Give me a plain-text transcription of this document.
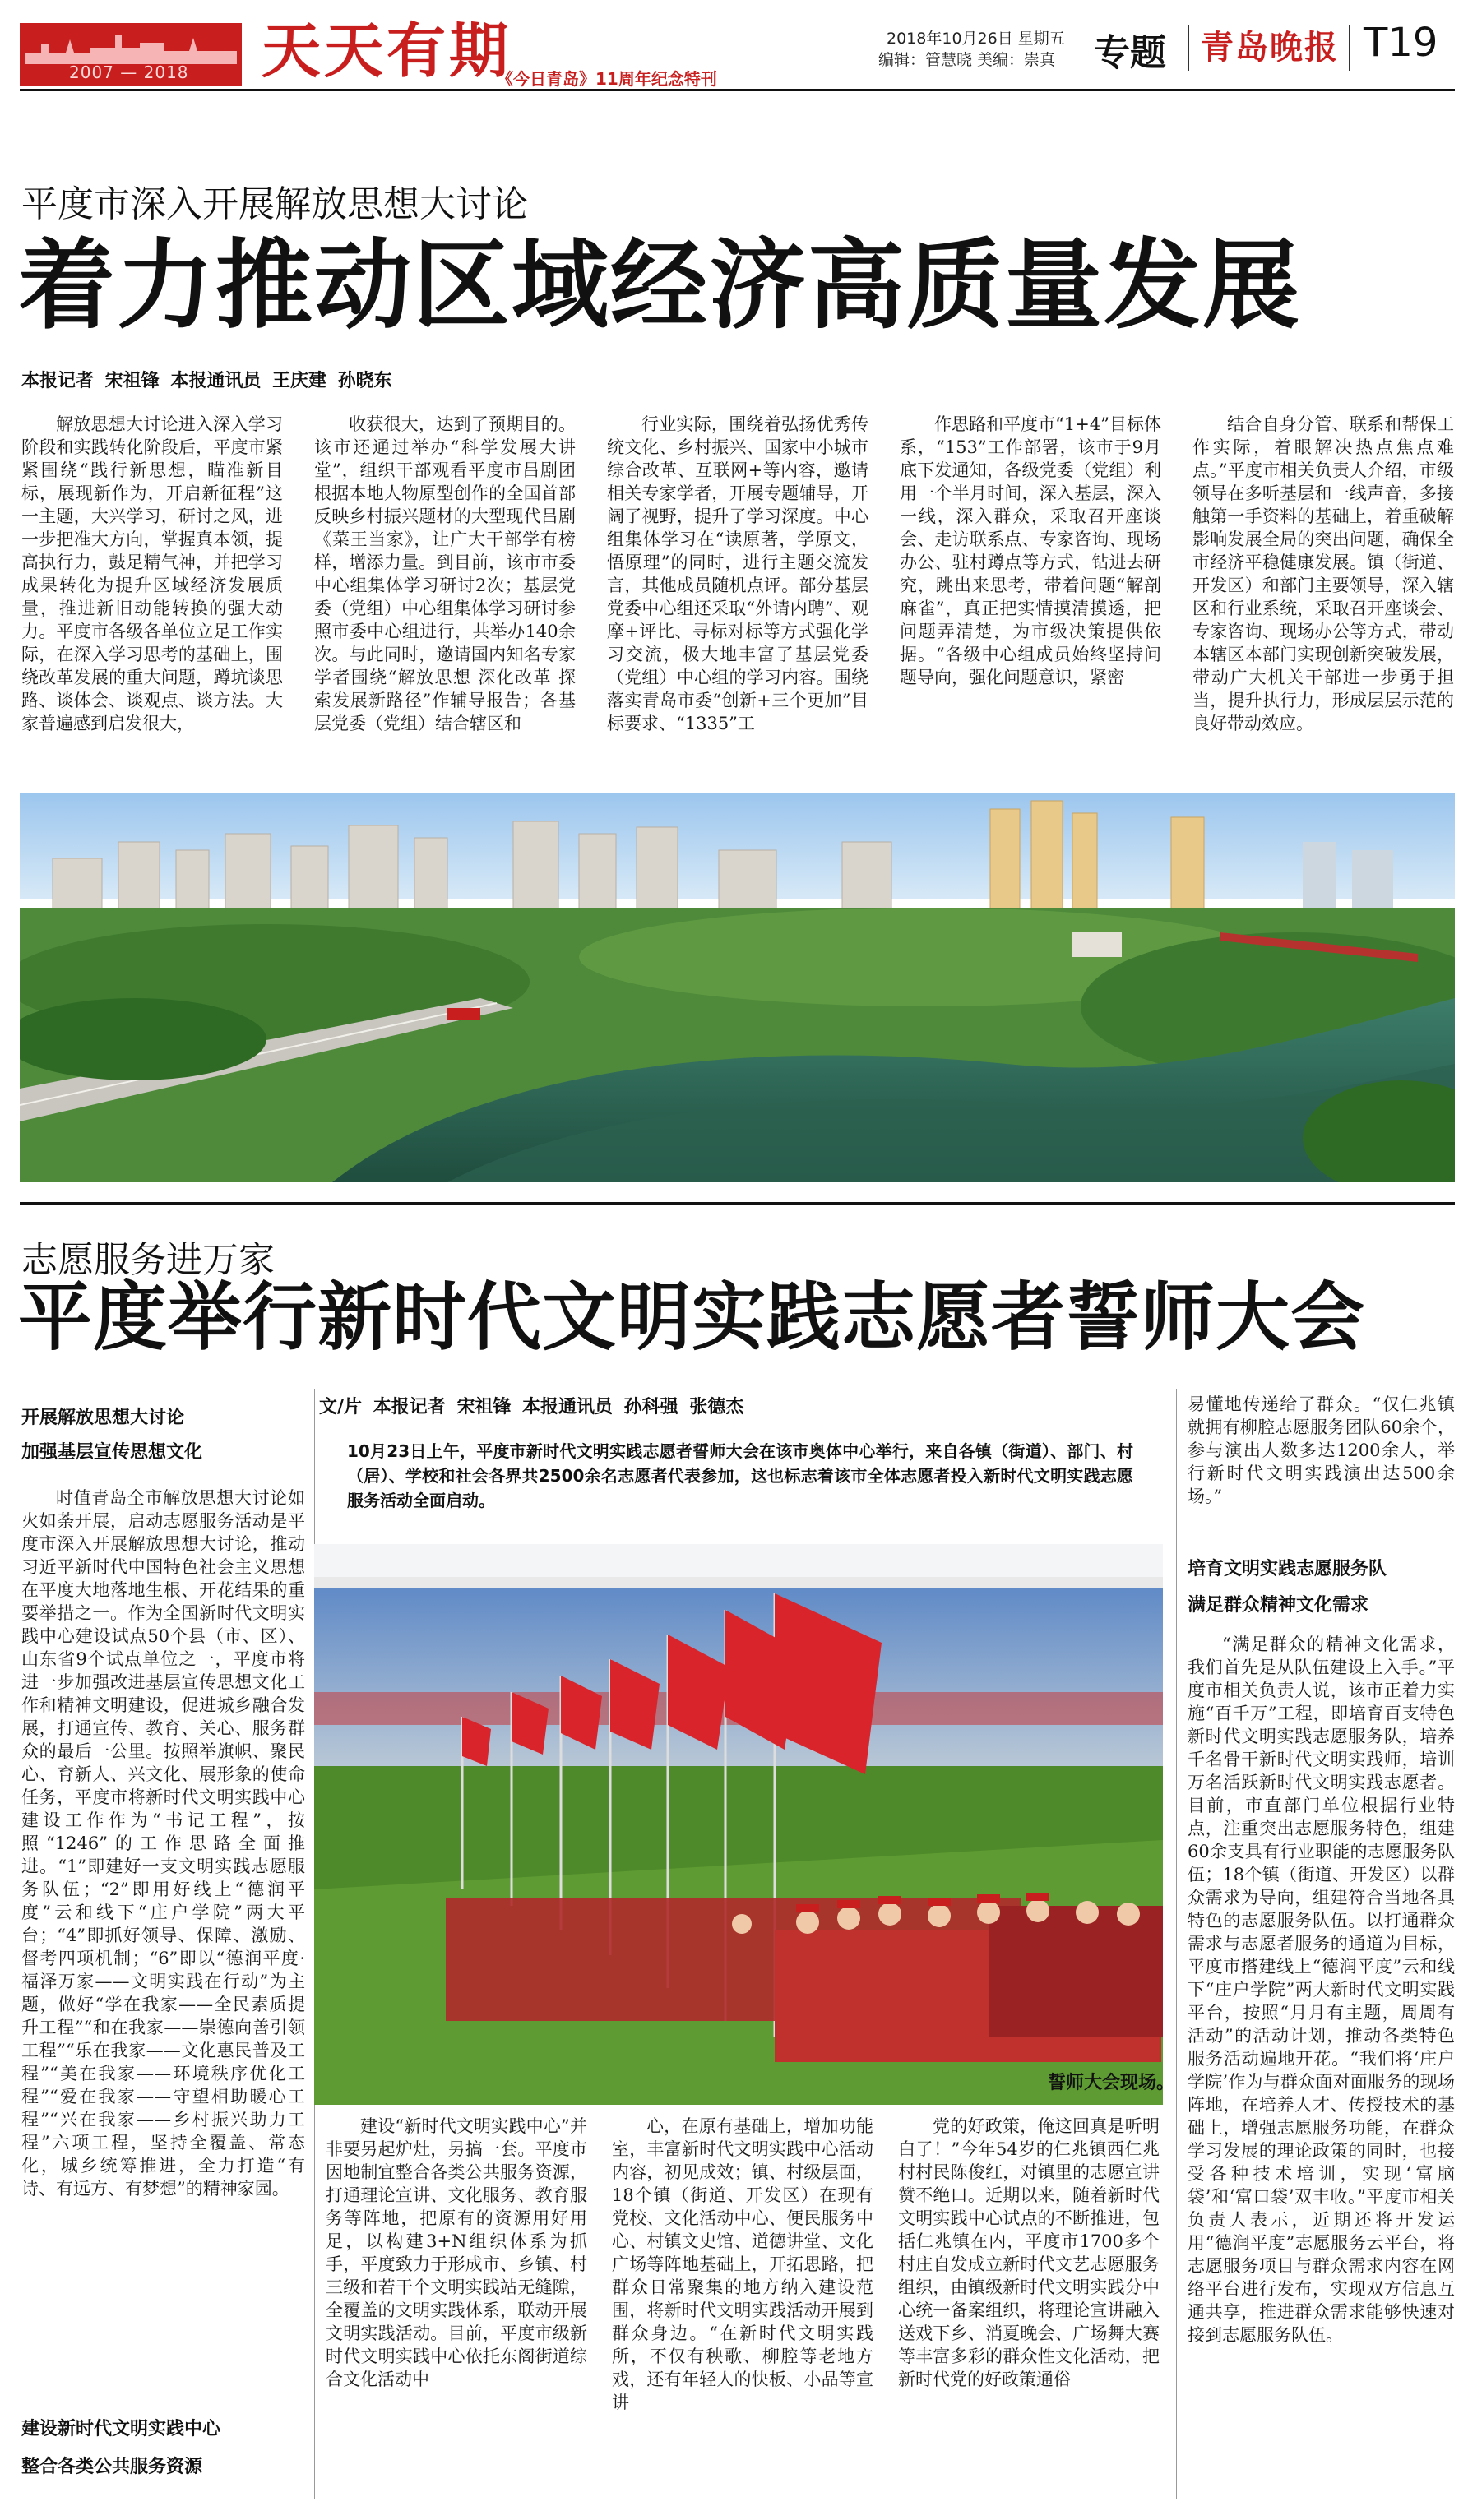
2007 — 2018 天天有期
《今日青岛》11周年纪念特刊
2018年10月26日 星期五
编辑：管慧晓 美编：崇真 专题 青岛晚报 T19
平度市深入开展解放思想大讨论
着力推动区域经济高质量发展
本报记者 宋祖锋 本报通讯员 王庆建 孙晓东

解放思想大讨论进入深入学习阶段和实践转化阶段后，平度市紧紧围绕“践行新思想，瞄准新目标，展现新作为，开启新征程”这一主题，大兴学习，研讨之风，进一步把准大方向，掌握真本领，提高执行力，鼓足精气神，并把学习成果转化为提升区域经济发展质量，推进新旧动能转换的强大动力。平度市各级各单位立足工作实际，在深入学习思考的基础上，围绕改革发展的重大问题，蹲坑谈思路、谈体会、谈观点、谈方法。大家普遍感到启发很大，

收获很大，达到了预期目的。该市还通过举办“科学发展大讲堂”，组织干部观看平度市吕剧团根据本地人物原型创作的全国首部反映乡村振兴题材的大型现代吕剧《菜王当家》，让广大干部学有榜样，增添力量。到目前，该市市委中心组集体学习研讨2次；基层党委（党组）中心组集体学习研讨参照市委中心组进行，共举办140余次。与此同时，邀请国内知名专家学者围绕“解放思想 深化改革 探索发展新路径”作辅导报告；各基层党委（党组）结合辖区和

行业实际，围绕着弘扬优秀传统文化、乡村振兴、国家中小城市综合改革、互联网+等内容，邀请相关专家学者，开展专题辅导，开阔了视野，提升了学习深度。中心组集体学习在“读原著，学原文，悟原理”的同时，进行主题交流发言，其他成员随机点评。部分基层党委中心组还采取“外请内聘”、观摩+评比、寻标对标等方式强化学习交流，极大地丰富了基层党委（党组）中心组的学习内容。围绕落实青岛市委“创新+三个更加”目标要求、“1335”工

作思路和平度市“1+4”目标体系，“153”工作部署，该市于9月底下发通知，各级党委（党组）利用一个半月时间，深入基层，深入一线，深入群众，采取召开座谈会、走访联系点、专家咨询、现场办公、驻村蹲点等方式，钻进去研究，跳出来思考，带着问题“解剖麻雀”，真正把实情摸清摸透，把问题弄清楚，为市级决策提供依据。“各级中心组成员始终坚持问题导向，强化问题意识，紧密

结合自身分管、联系和帮保工作实际，着眼解决热点焦点难点。”平度市相关负责人介绍，市级领导在多听基层和一线声音，多接触第一手资料的基础上，着重破解影响发展全局的突出问题，确保全市经济平稳健康发展。镇（街道、开发区）和部门主要领导，深入辖区和行业系统，采取召开座谈会、专家咨询、现场办公等方式，带动本辖区本部门实现创新突破发展，带动广大机关干部进一步勇于担当，提升执行力，形成层层示范的良好带动效应。

志愿服务进万家
平度举行新时代文明实践志愿者誓师大会
开展解放思想大讨论
加强基层宣传思想文化

时值青岛全市解放思想大讨论如火如荼开展，启动志愿服务活动是平度市深入开展解放思想大讨论，推动习近平新时代中国特色社会主义思想在平度大地落地生根、开花结果的重要举措之一。作为全国新时代文明实践中心建设试点50个县（市、区）、山东省9个试点单位之一，平度市将进一步加强改进基层宣传思想文化工作和精神文明建设，促进城乡融合发展，打通宣传、教育、关心、服务群众的最后一公里。按照举旗帜、聚民心、育新人、兴文化、展形象的使命任务，平度市将新时代文明实践中心建设工作作为“书记工程”，按照“1246”的工作思路全面推进。“1”即建好一支文明实践志愿服务队伍；“2”即用好线上“德润平度”云和线下“庄户学院”两大平台；“4”即抓好领导、保障、激励、督考四项机制；“6”即以“德润平度·福泽万家——文明实践在行动”为主题，做好“学在我家——全民素质提升工程”“和在我家——崇德向善引领工程”“乐在我家——文化惠民普及工程”“美在我家——环境秩序优化工程”“爱在我家——守望相助暖心工程”“兴在我家——乡村振兴助力工程”六项工程，坚持全覆盖、常态化，城乡统筹推进，全力打造“有诗、有远方、有梦想”的精神家园。

建设新时代文明实践中心
整合各类公共服务资源
文/片 本报记者 宋祖锋 本报通讯员 孙科强 张德杰
10月23日上午，平度市新时代文明实践志愿者誓师大会在该市奥体中心举行，来自各镇（街道）、部门、村（居）、学校和社会各界共2500余名志愿者代表参加，这也标志着该市全体志愿者投入新时代文明实践志愿服务活动全面启动。
誓师大会现场。

建设“新时代文明实践中心”并非要另起炉灶，另搞一套。平度市因地制宜整合各类公共服务资源，打通理论宣讲、文化服务、教育服务等阵地，把原有的资源用好用足，以构建3+N组织体系为抓手，平度致力于形成市、乡镇、村三级和若干个文明实践站无缝隙，全覆盖的文明实践体系，联动开展文明实践活动。目前，平度市级新时代文明实践中心依托东阁街道综合文化活动中

心，在原有基础上，增加功能室，丰富新时代文明实践中心活动内容，初见成效；镇、村级层面，18个镇（街道、开发区）在现有党校、文化活动中心、便民服务中心、村镇文史馆、道德讲堂、文化广场等阵地基础上，开拓思路，把群众日常聚集的地方纳入建设范围，将新时代文明实践活动开展到群众身边。“在新时代文明实践所，不仅有秧歌、柳腔等老地方戏，还有年轻人的快板、小品等宣讲

党的好政策，俺这回真是听明白了！”今年54岁的仁兆镇西仁兆村村民陈俊红，对镇里的志愿宣讲赞不绝口。近期以来，随着新时代文明实践中心试点的不断推进，包括仁兆镇在内，平度市1700多个村庄自发成立新时代文艺志愿服务组织，由镇级新时代文明实践分中心统一备案组织，将理论宣讲融入送戏下乡、消夏晚会、广场舞大赛等丰富多彩的群众性文化活动，把新时代党的好政策通俗

易懂地传递给了群众。“仅仁兆镇就拥有柳腔志愿服务团队60余个，参与演出人数多达1200余人，举行新时代文明实践演出达500余场。”

培育文明实践志愿服务队
满足群众精神文化需求

“满足群众的精神文化需求，我们首先是从队伍建设上入手。”平度市相关负责人说，该市正着力实施“百千万”工程，即培育百支特色新时代文明实践志愿服务队，培养千名骨干新时代文明实践师，培训万名活跃新时代文明实践志愿者。目前，市直部门单位根据行业特点，注重突出志愿服务特色，组建60余支具有行业职能的志愿服务队伍；18个镇（街道、开发区）以群众需求为导向，组建符合当地各具特色的志愿服务队伍。以打通群众需求与志愿者服务的通道为目标，平度市搭建线上“德润平度”云和线下“庄户学院”两大新时代文明实践平台，按照“月月有主题，周周有活动”的活动计划，推动各类特色服务活动遍地开花。“我们将‘庄户学院’作为与群众面对面服务的现场阵地，在培养人才、传授技术的基础上，增强志愿服务功能，在群众学习发展的理论政策的同时，也接受各种技术培训，实现‘富脑袋’和‘富口袋’双丰收。”平度市相关负责人表示，近期还将开发运用“德润平度”志愿服务云平台，将志愿服务项目与群众需求内容在网络平台进行发布，实现双方信息互通共享，推进群众需求能够快速对接到志愿服务队伍。
